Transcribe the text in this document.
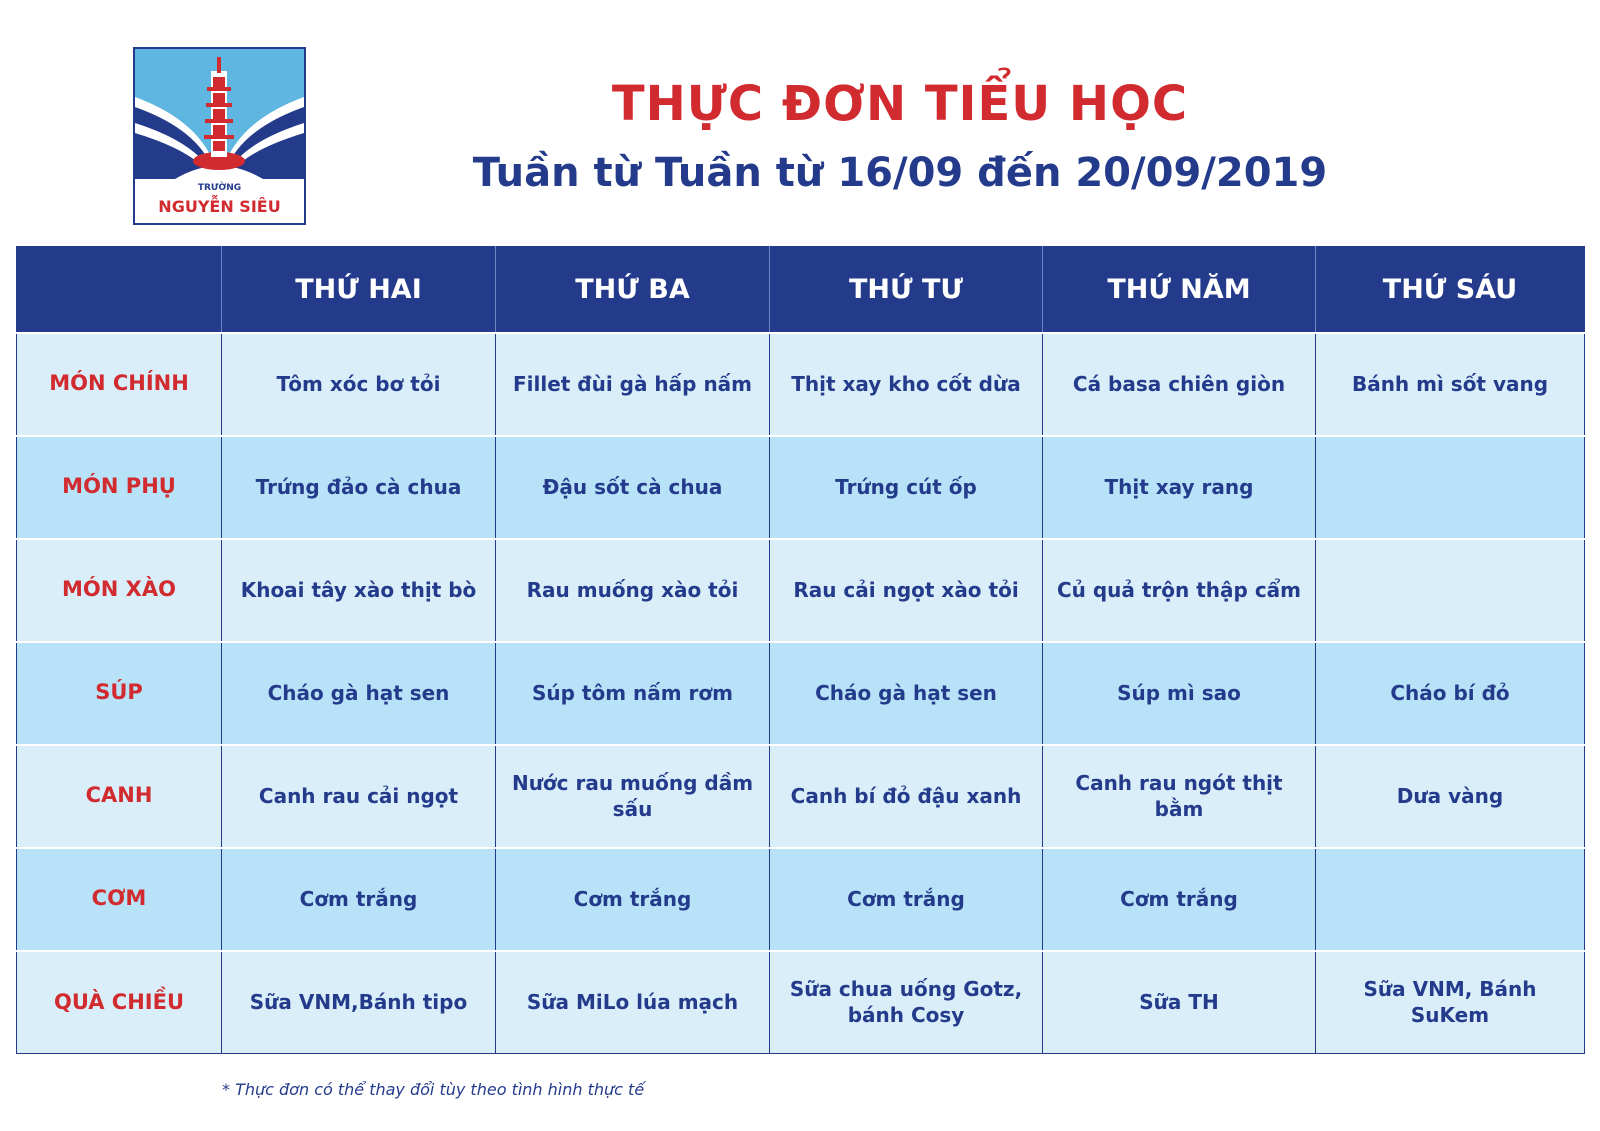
TRƯỜNG
NGUYỄN SIÊU
THỰC ĐƠN TIỂU HỌC
Tuần từ Tuần từ 16/09 đến 20/09/2019
	THỨ HAI	THỨ BA	THỨ TƯ	THỨ NĂM	THỨ SÁU
MÓN CHÍNH	Tôm xóc bơ tỏi	Fillet đùi gà hấp nấm	Thịt xay kho cốt dừa	Cá basa chiên giòn	Bánh mì sốt vang
MÓN PHỤ	Trứng đảo cà chua	Đậu sốt cà chua	Trứng cút ốp	Thịt xay rang	
MÓN XÀO	Khoai tây xào thịt bò	Rau muống xào tỏi	Rau cải ngọt xào tỏi	Củ quả trộn thập cẩm	
SÚP	Cháo gà hạt sen	Súp tôm nấm rơm	Cháo gà hạt sen	Súp mì sao	Cháo bí đỏ
CANH	Canh rau cải ngọt	Nước rau muống dầm sấu	Canh bí đỏ đậu xanh	Canh rau ngót thịt bằm	Dưa vàng
CƠM	Cơm trắng	Cơm trắng	Cơm trắng	Cơm trắng	
QUÀ CHIỀU	Sữa VNM,Bánh tipo	Sữa MiLo lúa mạch	Sữa chua uống Gotz, bánh Cosy	Sữa TH	Sữa VNM, Bánh SuKem
* Thực đơn có thể thay đổi tùy theo tình hình thực tế
